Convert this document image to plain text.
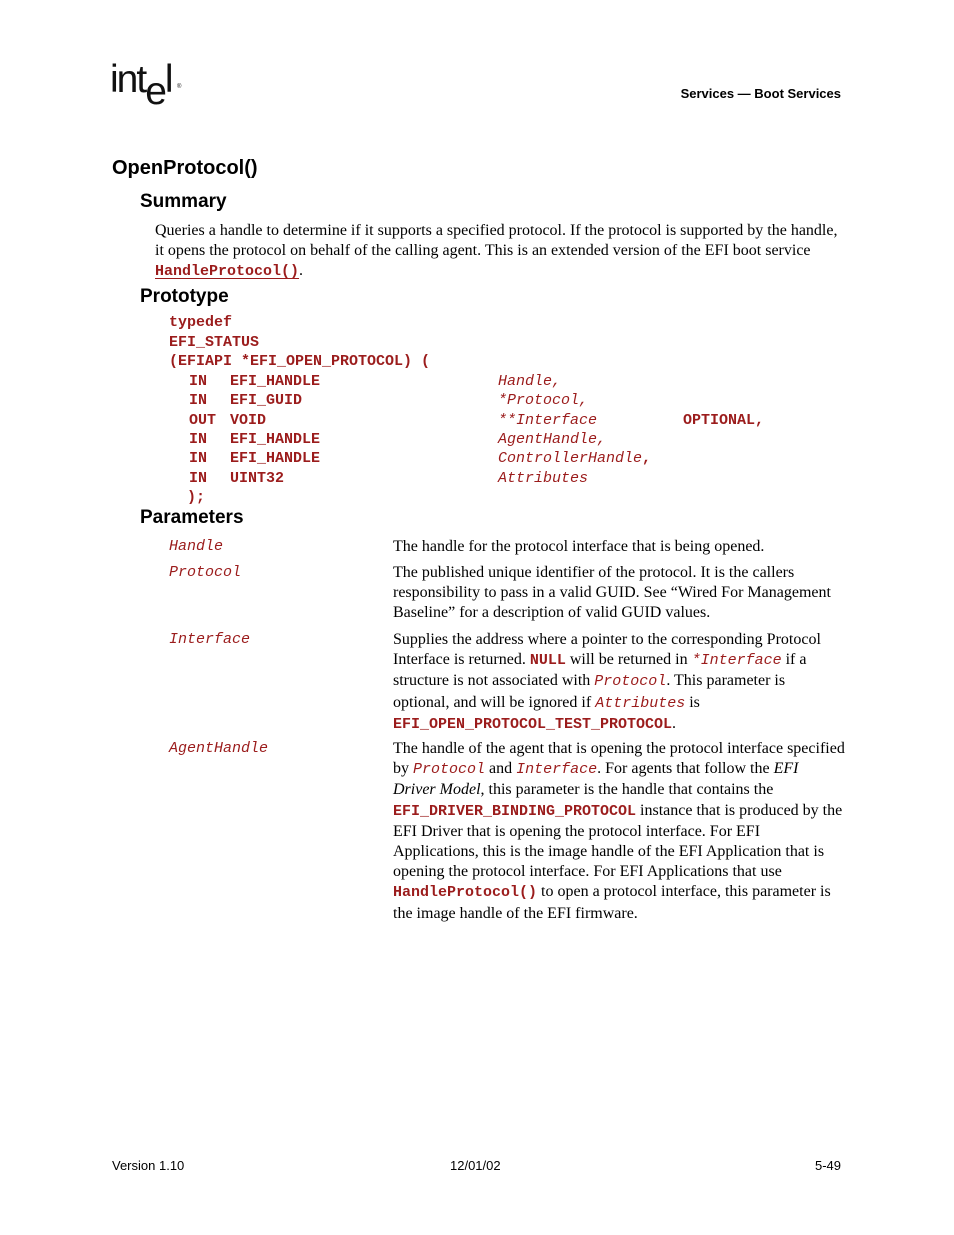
intel ®	Services — Boot Services
OpenProtocol()
Summary
Queries a handle to determine if it supports a specified protocol. If the protocol is supported by the handle, it opens the protocol on behalf of the calling agent. This is an extended version of the EFI boot service HandleProtocol().
Prototype
typedef
EFI_STATUS
(EFIAPI *EFI_OPEN_PROTOCOL) (
IN EFI_HANDLE	Handle,
IN EFI_GUID	*Protocol,
OUT VOID	**Interface	OPTIONAL,
IN EFI_HANDLE	AgentHandle,
IN EFI_HANDLE	ControllerHandle,
IN UINT32	Attributes
);
Parameters
Handle	The handle for the protocol interface that is being opened.
Protocol	The published unique identifier of the protocol. It is the callers responsibility to pass in a valid GUID. See “Wired For Management Baseline” for a description of valid GUID values.
Interface	Supplies the address where a pointer to the corresponding Protocol Interface is returned. NULL will be returned in *Interface if a structure is not associated with Protocol. This parameter is optional, and will be ignored if Attributes is EFI_OPEN_PROTOCOL_TEST_PROTOCOL.
AgentHandle	The handle of the agent that is opening the protocol interface specified by Protocol and Interface. For agents that follow the EFI Driver Model, this parameter is the handle that contains the EFI_DRIVER_BINDING_PROTOCOL instance that is produced by the EFI Driver that is opening the protocol interface. For EFI Applications, this is the image handle of the EFI Application that is opening the protocol interface. For EFI Applications that use HandleProtocol() to open a protocol interface, this parameter is the image handle of the EFI firmware.
Version 1.10	12/01/02	5-49
